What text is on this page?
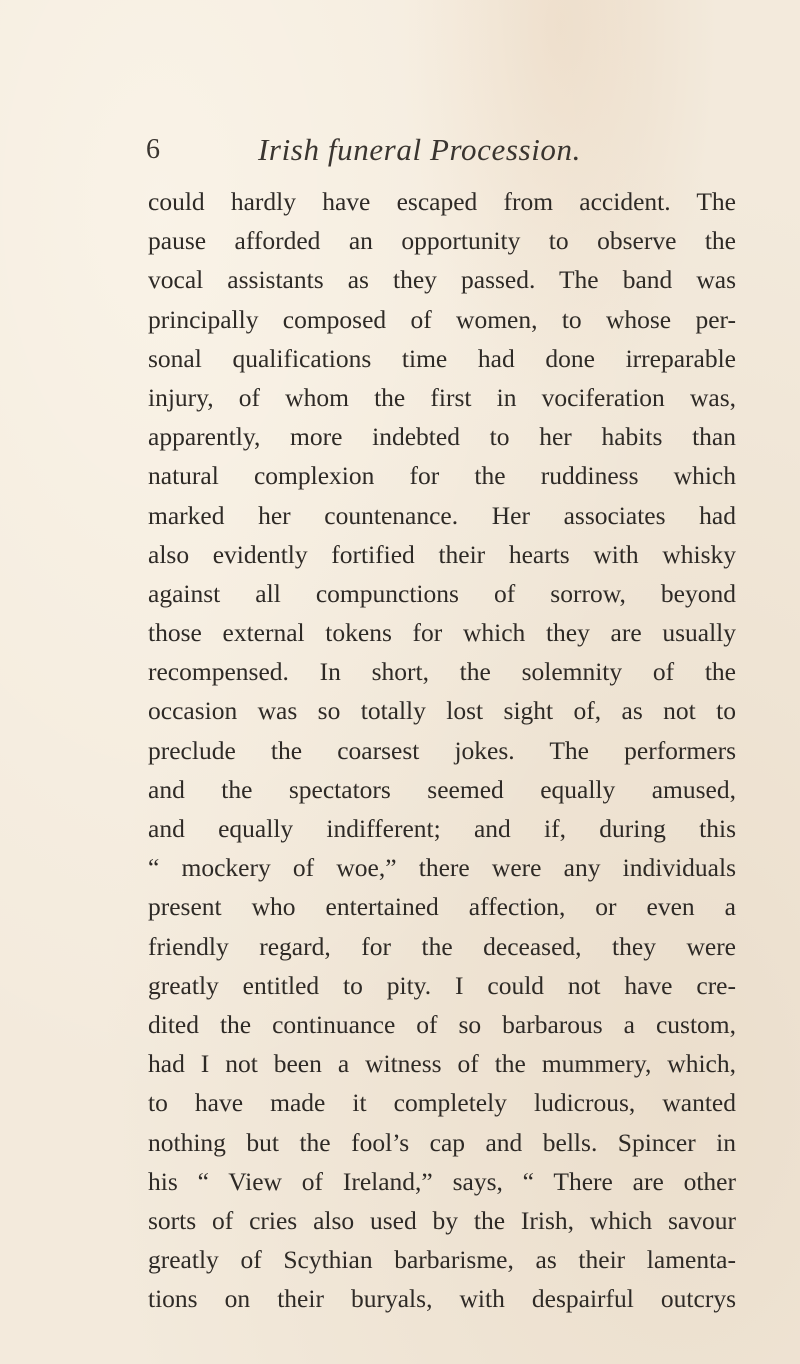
6	Irish funeral Procession.
could hardly have escaped from accident. The
pause afforded an opportunity to observe the
vocal assistants as they passed. The band was
principally composed of women, to whose per-
sonal qualifications time had done irreparable
injury, of whom the first in vociferation was,
apparently, more indebted to her habits than
natural complexion for the ruddiness which
marked her countenance. Her associates had
also evidently fortified their hearts with whisky
against all compunctions of sorrow, beyond
those external tokens for which they are usually
recompensed. In short, the solemnity of the
occasion was so totally lost sight of, as not to
preclude the coarsest jokes. The performers
and the spectators seemed equally amused,
and equally indifferent; and if, during this
“ mockery of woe,” there were any individuals
present who entertained affection, or even a
friendly regard, for the deceased, they were
greatly entitled to pity. I could not have cre-
dited the continuance of so barbarous a custom,
had I not been a witness of the mummery, which,
to have made it completely ludicrous, wanted
nothing but the fool’s cap and bells. Spincer in
his “ View of Ireland,” says, “ There are other
sorts of cries also used by the Irish, which savour
greatly of Scythian barbarisme, as their lamenta-
tions on their buryals, with despairful outcrys
